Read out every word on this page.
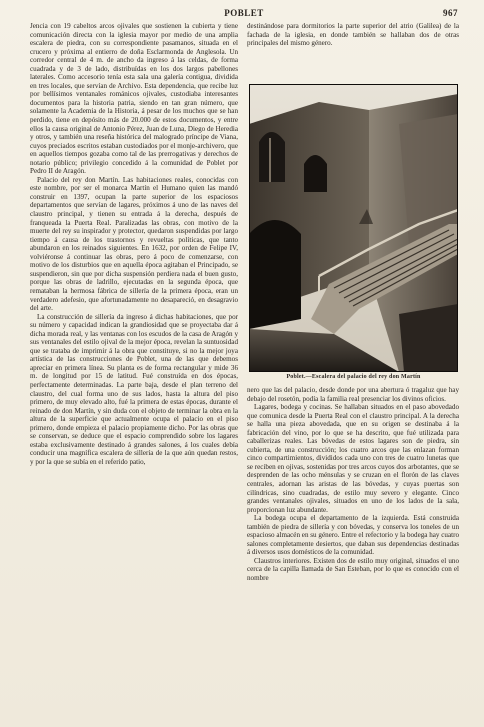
POBLET	967

Jencia con 19 cabeltos arcos ojivales que sostienen la cubierta y tiene comunicación directa con la iglesia mayor por medio de una amplia escalera de piedra, con su correspondiente pasamanos, situada en el crucero y próxima al entierro de doña Esclarmonda de Anglesola. Un corredor central de 4 m. de ancho da ingreso á las celdas, de forma cuadrada y de 3 de lado, distribuídas en los dos largos pabellones laterales. Como accesorio tenía esta sala una galería contigua, dividida en tres locales, que servían de Archivo. Esta dependencia, que recibe luz por bellísimos ventanales románicos ojivales, custodiaba interesantes documentos para la historia patria, siendo en tan gran número, que solamente la Academia de la Historia, á pesar de los muchos que se han perdido, tiene en depósito más de 20.000 de estos documentos, y entre ellos la causa original de Antonio Pérez, Juan de Luna, Diego de Heredia y otros, y también una reseña histórica del malogrado príncipe de Viana, cuyos preciados escritos estaban custodiados por el monje-archivero, que en aquellos tiempos gozaba como tal de las prerrogativas y derechos de notario público; privilegio concedido á la comunidad de Poblet por Pedro II de Aragón.

Palacio del rey don Martín. Las habitaciones reales, conocidas con este nombre, por ser el monarca Martín el Humano quien las mandó construir en 1397, ocupan la parte superior de los espaciosos departamentos que servían de lagares, próximos á uno de las naves del claustro principal, y tienen su entrada á la derecha, después de franqueada la Puerta Real. Paralizadas las obras, con motivo de la muerte del rey su inspirador y protector, quedaron suspendidas por largo tiempo á causa de los trastornos y revueltas políticas, que tanto abundaron en los reinados siguientes. En 1632, por orden de Felipe IV, volviéronse á continuar las obras, pero á poco de comenzarse, con motivo de los disturbios que en aquella época agitaban el Principado, se suspendieron, sin que por dicha suspensión perdiera nada el buen gusto, porque las obras de ladrillo, ejecutadas en la segunda época, que remataban la hermosa fábrica de sillería de la primera época, eran un verdadero adefesio, que afortunadamente no desapareció, en desagravio del arte.

La construcción de sillería da ingreso á dichas habitaciones, que por su número y capacidad indican la grandiosidad que se proyectaba dar á dicha morada real, y las ventanas con los escudos de la casa de Aragón y sus ventanales del estilo ojival de la mejor época, revelan la suntuosidad que se trataba de imprimir á la obra que constituye, si no la mejor joya artística de las construcciones de Poblet, una de las que debemos apreciar en primera línea. Su planta es de forma rectangular y mide 36 m. de longitud por 15 de latitud. Fué construída en dos épocas, perfectamente determinadas. La parte baja, desde el plan terreno del claustro, del cual forma uno de sus lados, hasta la altura del piso primero, de muy elevado alto, fué la primera de estas épocas, durante el reinado de don Martín, y sin duda con el objeto de terminar la obra en la altura de la superficie que actualmente ocupa el palacio en el piso primero, donde empieza el palacio propiamente dicho. Por las obras que se conservan, se deduce que el espacio comprendido sobre los lagares estaba exclusivamente destinado á grandes salones, á los cuales debía conducir una magnífica escalera de sillería de la que aún quedan restos, y por la que se subía en el referido patio,

destinándose para dormitorios la parte superior del atrio (Galilea) de la fachada de la iglesia, en donde también se hallaban dos de otras principales del mismo género.

Poblet.—Escalera del palacio del rey don Martín

nero que las del palacio, desde donde por una abertura ó tragaluz que hay debajo del rosetón, podía la familia real presenciar los divinos oficios.

Lagares, bodega y cocinas. Se hallaban situados en el paso abovedado que comunica desde la Puerta Real con el claustro principal. A la derecha se halla una pieza abovedada, que en su origen se destinaba á la fabricación del vino, por lo que se ha descrito, que fué utilizada para caballerizas reales. Las bóvedas de estos lagares son de piedra, sin cubierta, de una construcción; los cuatro arcos que las enlazan forman cinco compartimientos, divididos cada uno con tres de cuatro lunetas que se reciben en ojivas, sostenidas por tres arcos cuyos dos arbotantes, que se desprenden de las ocho ménsulas y se cruzan en el florón de las claves centrales, adornan las aristas de las bóvedas, y cuyas puertas son cilíndricas, sino cuadradas, de estilo muy severo y elegante. Cinco grandes ventanales ojivales, situados en uno de los lados de la sala, proporcionan luz abundante.

La bodega ocupa el departamento de la izquierda. Está construida también de piedra de sillería y con bóvedas, y conserva los toneles de un espacioso almacén en su género. Entre el refectorio y la bodega hay cuatro salones completamente desiertos, que daban sus dependencias destinadas á diversos usos domésticos de la comunidad.

Claustros interiores. Existen dos de estilo muy original, situados el uno cerca de la capilla llamada de San Esteban, por lo que es conocido con el nombre
